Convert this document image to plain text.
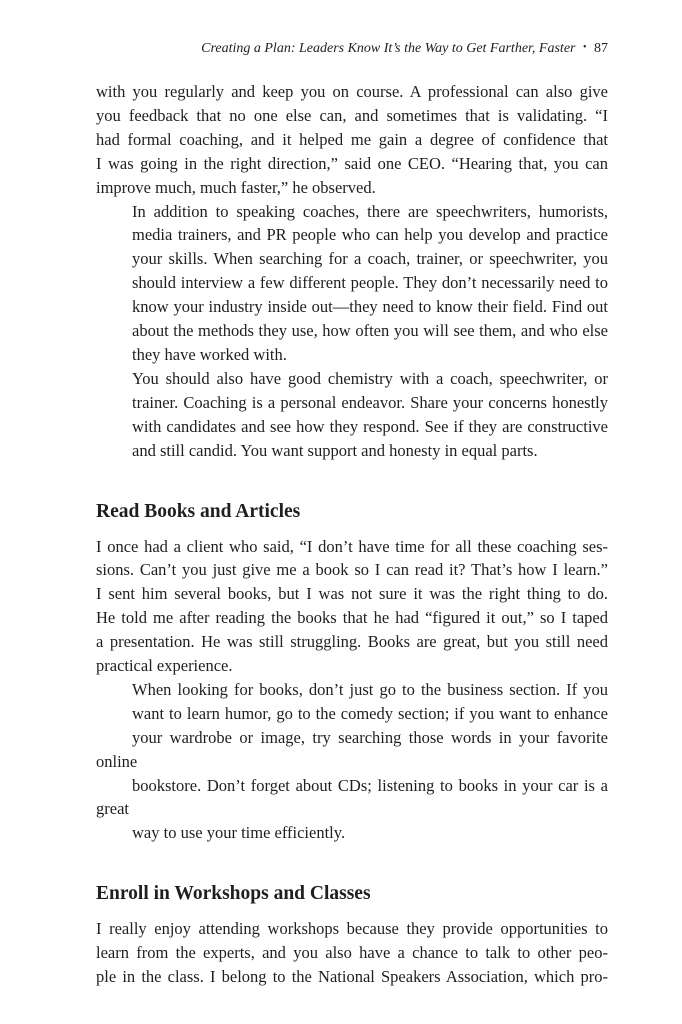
Creating a Plan: Leaders Know It’s the Way to Get Farther, Faster • 87

with you regularly and keep you on course. A professional can also give
you feedback that no one else can, and sometimes that is validating. “I
had formal coaching, and it helped me gain a degree of confidence that
I was going in the right direction,” said one CEO. “Hearing that, you can
improve much, much faster,” he observed.

In addition to speaking coaches, there are speechwriters, humorists,
media trainers, and PR people who can help you develop and practice
your skills. When searching for a coach, trainer, or speechwriter, you
should interview a few different people. They don’t necessarily need to
know your industry inside out—they need to know their field. Find out
about the methods they use, how often you will see them, and who else
they have worked with.

You should also have good chemistry with a coach, speechwriter, or
trainer. Coaching is a personal endeavor. Share your concerns honestly
with candidates and see how they respond. See if they are constructive
and still candid. You want support and honesty in equal parts.

Read Books and Articles

I once had a client who said, “I don’t have time for all these coaching ses-
sions. Can’t you just give me a book so I can read it? That’s how I learn.”
I sent him several books, but I was not sure it was the right thing to do.
He told me after reading the books that he had “figured it out,” so I taped
a presentation. He was still struggling. Books are great, but you still need
practical experience.

When looking for books, don’t just go to the business section. If you
want to learn humor, go to the comedy section; if you want to enhance
your wardrobe or image, try searching those words in your favorite online
bookstore. Don’t forget about CDs; listening to books in your car is a great
way to use your time efficiently.

Enroll in Workshops and Classes

I really enjoy attending workshops because they provide opportunities to
learn from the experts, and you also have a chance to talk to other peo-
ple in the class. I belong to the National Speakers Association, which pro-
